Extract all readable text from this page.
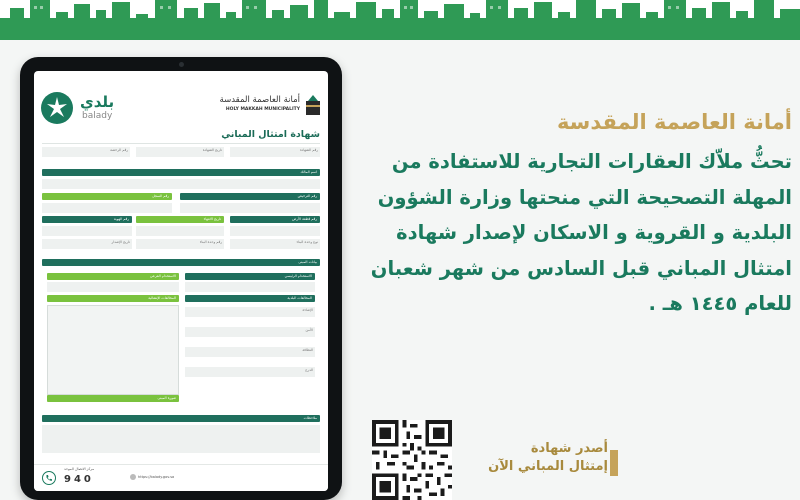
بلدي
balady
أمانة العاصمة المقدسة
HOLY MAKKAH MUNICIPALITY
شهادة امتثال المباني
رقم الرخصة	تاريخ الشهادة	رقم الشهادة
اسم المالك
رقم السجل	رقم الترخيص
رقم الهوية	تاريخ الانتهاء	رقم قطعة الأرض
تاريخ الإصدار	رقم وحدة البناء	نوع وحدة البناء
بيانات المبنى
الاستخدام الفرعي	الاستخدام الرئيسي
المخالفات الإنشائية	المخالفات البلدية
صورة المبنى
الإضاءة
الأمن
النظافة
الدرج
ملاحظات
مركز الاتصال الموحد
940	https://balady.gov.sa

أمانة العاصمة المقدسة

تحثُّ ملاّك العقارات التجارية للاستفادة من

المهلة التصحيحة التي منحتها وزارة الشؤون

البلدية و القروية و الاسكان لإصدار شهادة

امتثال المباني قبل السادس من شهر شعبان

للعام ١٤٤٥ هـ .

أصدر شهادة
إمتثال المباني الآن
